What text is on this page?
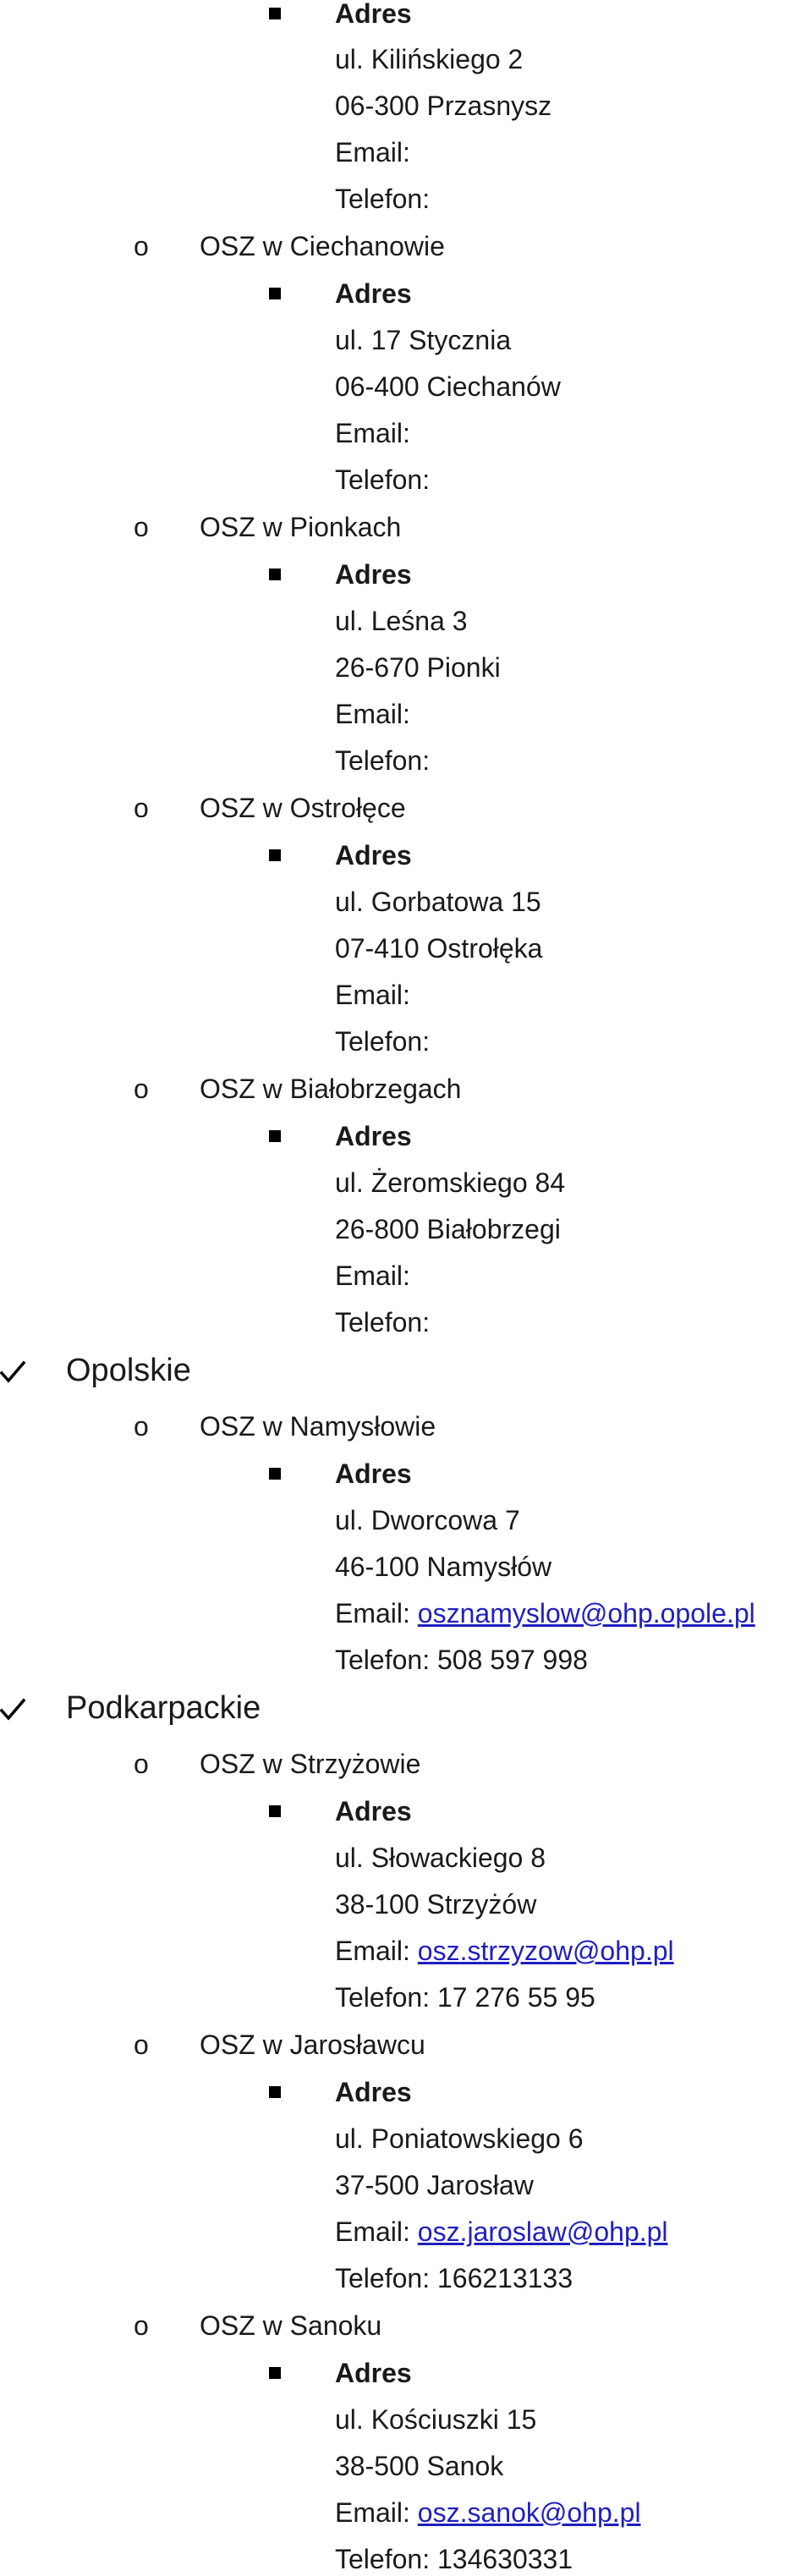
Adres
ul. Kilińskiego 2
06-300 Przasnysz
Email:
Telefon:
o OSZ w Ciechanowie
Adres
ul. 17 Stycznia
06-400 Ciechanów
Email:
Telefon:
o OSZ w Pionkach
Adres
ul. Leśna 3
26-670 Pionki
Email:
Telefon:
o OSZ w Ostrołęce
Adres
ul. Gorbatowa 15
07-410 Ostrołęka
Email:
Telefon:
o OSZ w Białobrzegach
Adres
ul. Żeromskiego 84
26-800 Białobrzegi
Email:
Telefon:
Opolskie
o OSZ w Namysłowie
Adres
ul. Dworcowa 7
46-100 Namysłów
Email: osznamyslow@ohp.opole.pl
Telefon: 508 597 998
Podkarpackie
o OSZ w Strzyżowie
Adres
ul. Słowackiego 8
38-100 Strzyżów
Email: osz.strzyzow@ohp.pl
Telefon: 17 276 55 95
o OSZ w Jarosławcu
Adres
ul. Poniatowskiego 6
37-500 Jarosław
Email: osz.jaroslaw@ohp.pl
Telefon: 166213133
o OSZ w Sanoku
Adres
ul. Kościuszki 15
38-500 Sanok
Email: osz.sanok@ohp.pl
Telefon: 134630331
